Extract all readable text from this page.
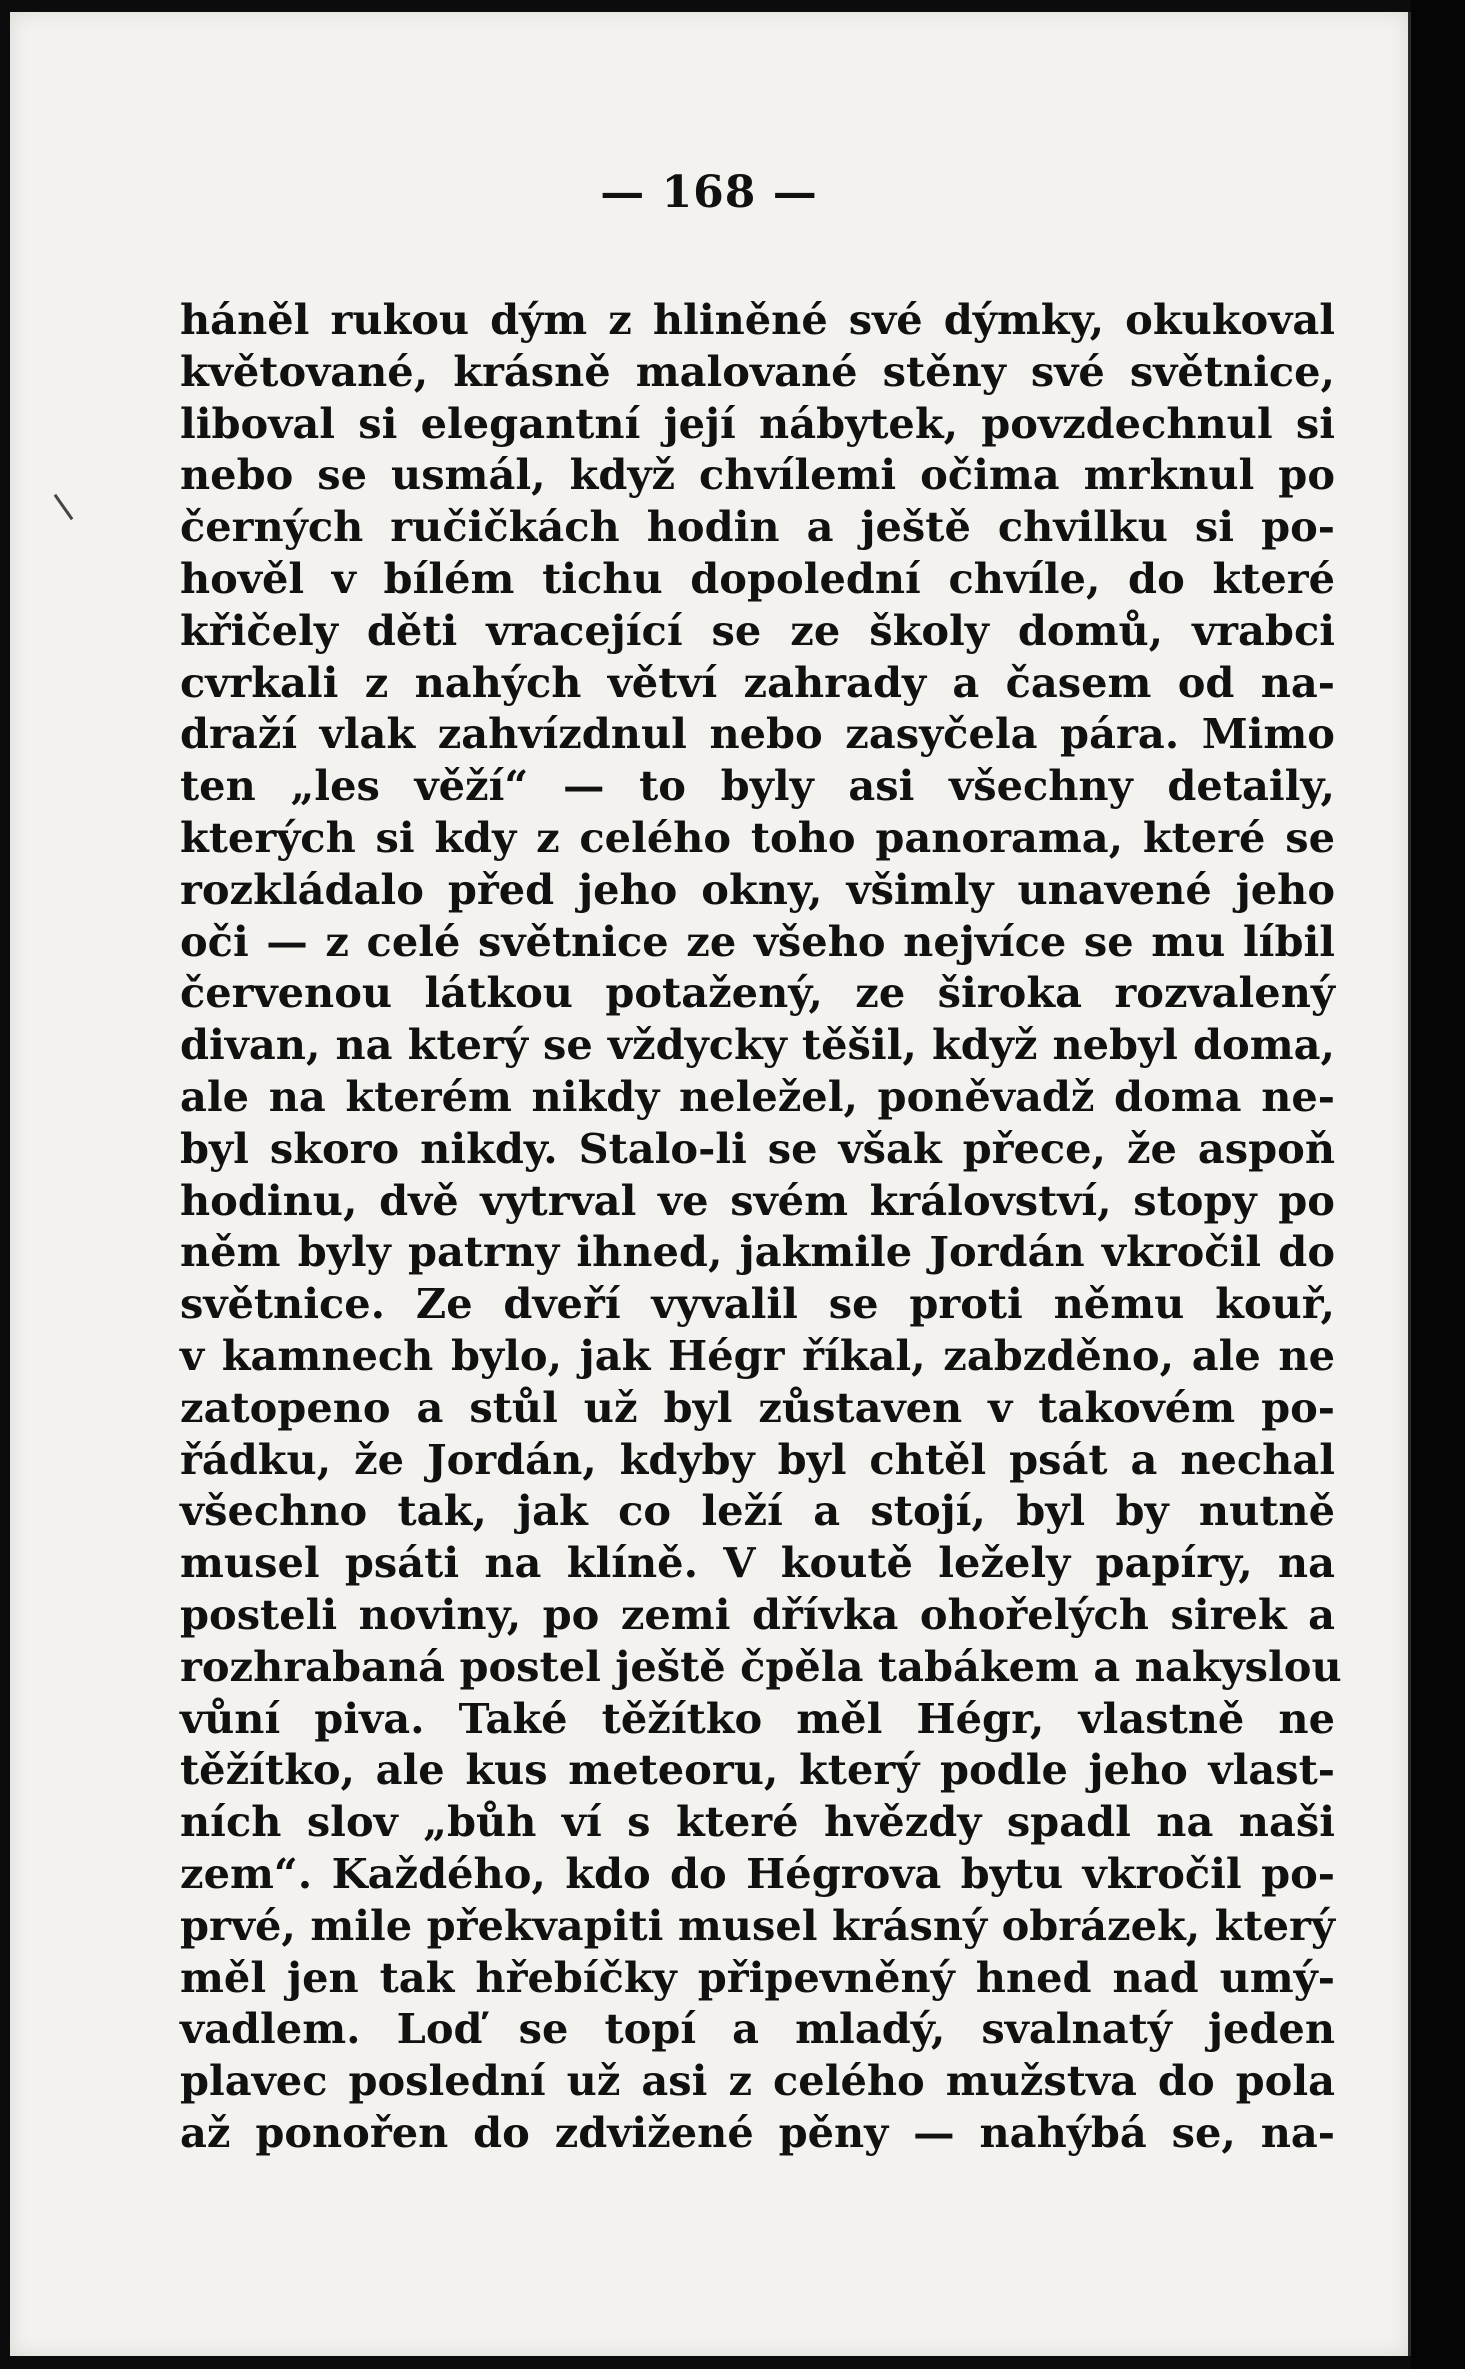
— 168 —
háněl rukou dým z hliněné své dýmky, okukoval
květované, krásně malované stěny své světnice,
liboval si elegantní její nábytek, povzdechnul si
nebo se usmál, když chvílemi očima mrknul po
černých ručičkách hodin a ještě chvilku si po-
hověl v bílém tichu dopolední chvíle, do které
křičely děti vracející se ze školy domů, vrabci
cvrkali z nahých větví zahrady a časem od na-
draží vlak zahvízdnul nebo zasyčela pára. Mimo
ten „les věží“ — to byly asi všechny detaily,
kterých si kdy z celého toho panorama, které se
rozkládalo před jeho okny, všimly unavené jeho
oči — z celé světnice ze všeho nejvíce se mu líbil
červenou látkou potažený, ze široka rozvalený
divan, na který se vždycky těšil, když nebyl doma,
ale na kterém nikdy neležel, poněvadž doma ne-
byl skoro nikdy. Stalo-li se však přece, že aspoň
hodinu, dvě vytrval ve svém království, stopy po
něm byly patrny ihned, jakmile Jordán vkročil do
světnice. Ze dveří vyvalil se proti němu kouř,
v kamnech bylo, jak Hégr říkal, zabzděno, ale ne
zatopeno a stůl už byl zůstaven v takovém po-
řádku, že Jordán, kdyby byl chtěl psát a nechal
všechno tak, jak co leží a stojí, byl by nutně
musel psáti na klíně. V koutě ležely papíry, na
posteli noviny, po zemi dřívka ohořelých sirek a
rozhrabaná postel ještě čpěla tabákem a nakyslou
vůní piva. Také těžítko měl Hégr, vlastně ne
těžítko, ale kus meteoru, který podle jeho vlast-
ních slov „bůh ví s které hvězdy spadl na naši
zem“. Každého, kdo do Hégrova bytu vkročil po-
prvé, mile překvapiti musel krásný obrázek, který
měl jen tak hřebíčky připevněný hned nad umý-
vadlem. Loď se topí a mladý, svalnatý jeden
plavec poslední už asi z celého mužstva do pola
až ponořen do zdvižené pěny — nahýbá se, na-
